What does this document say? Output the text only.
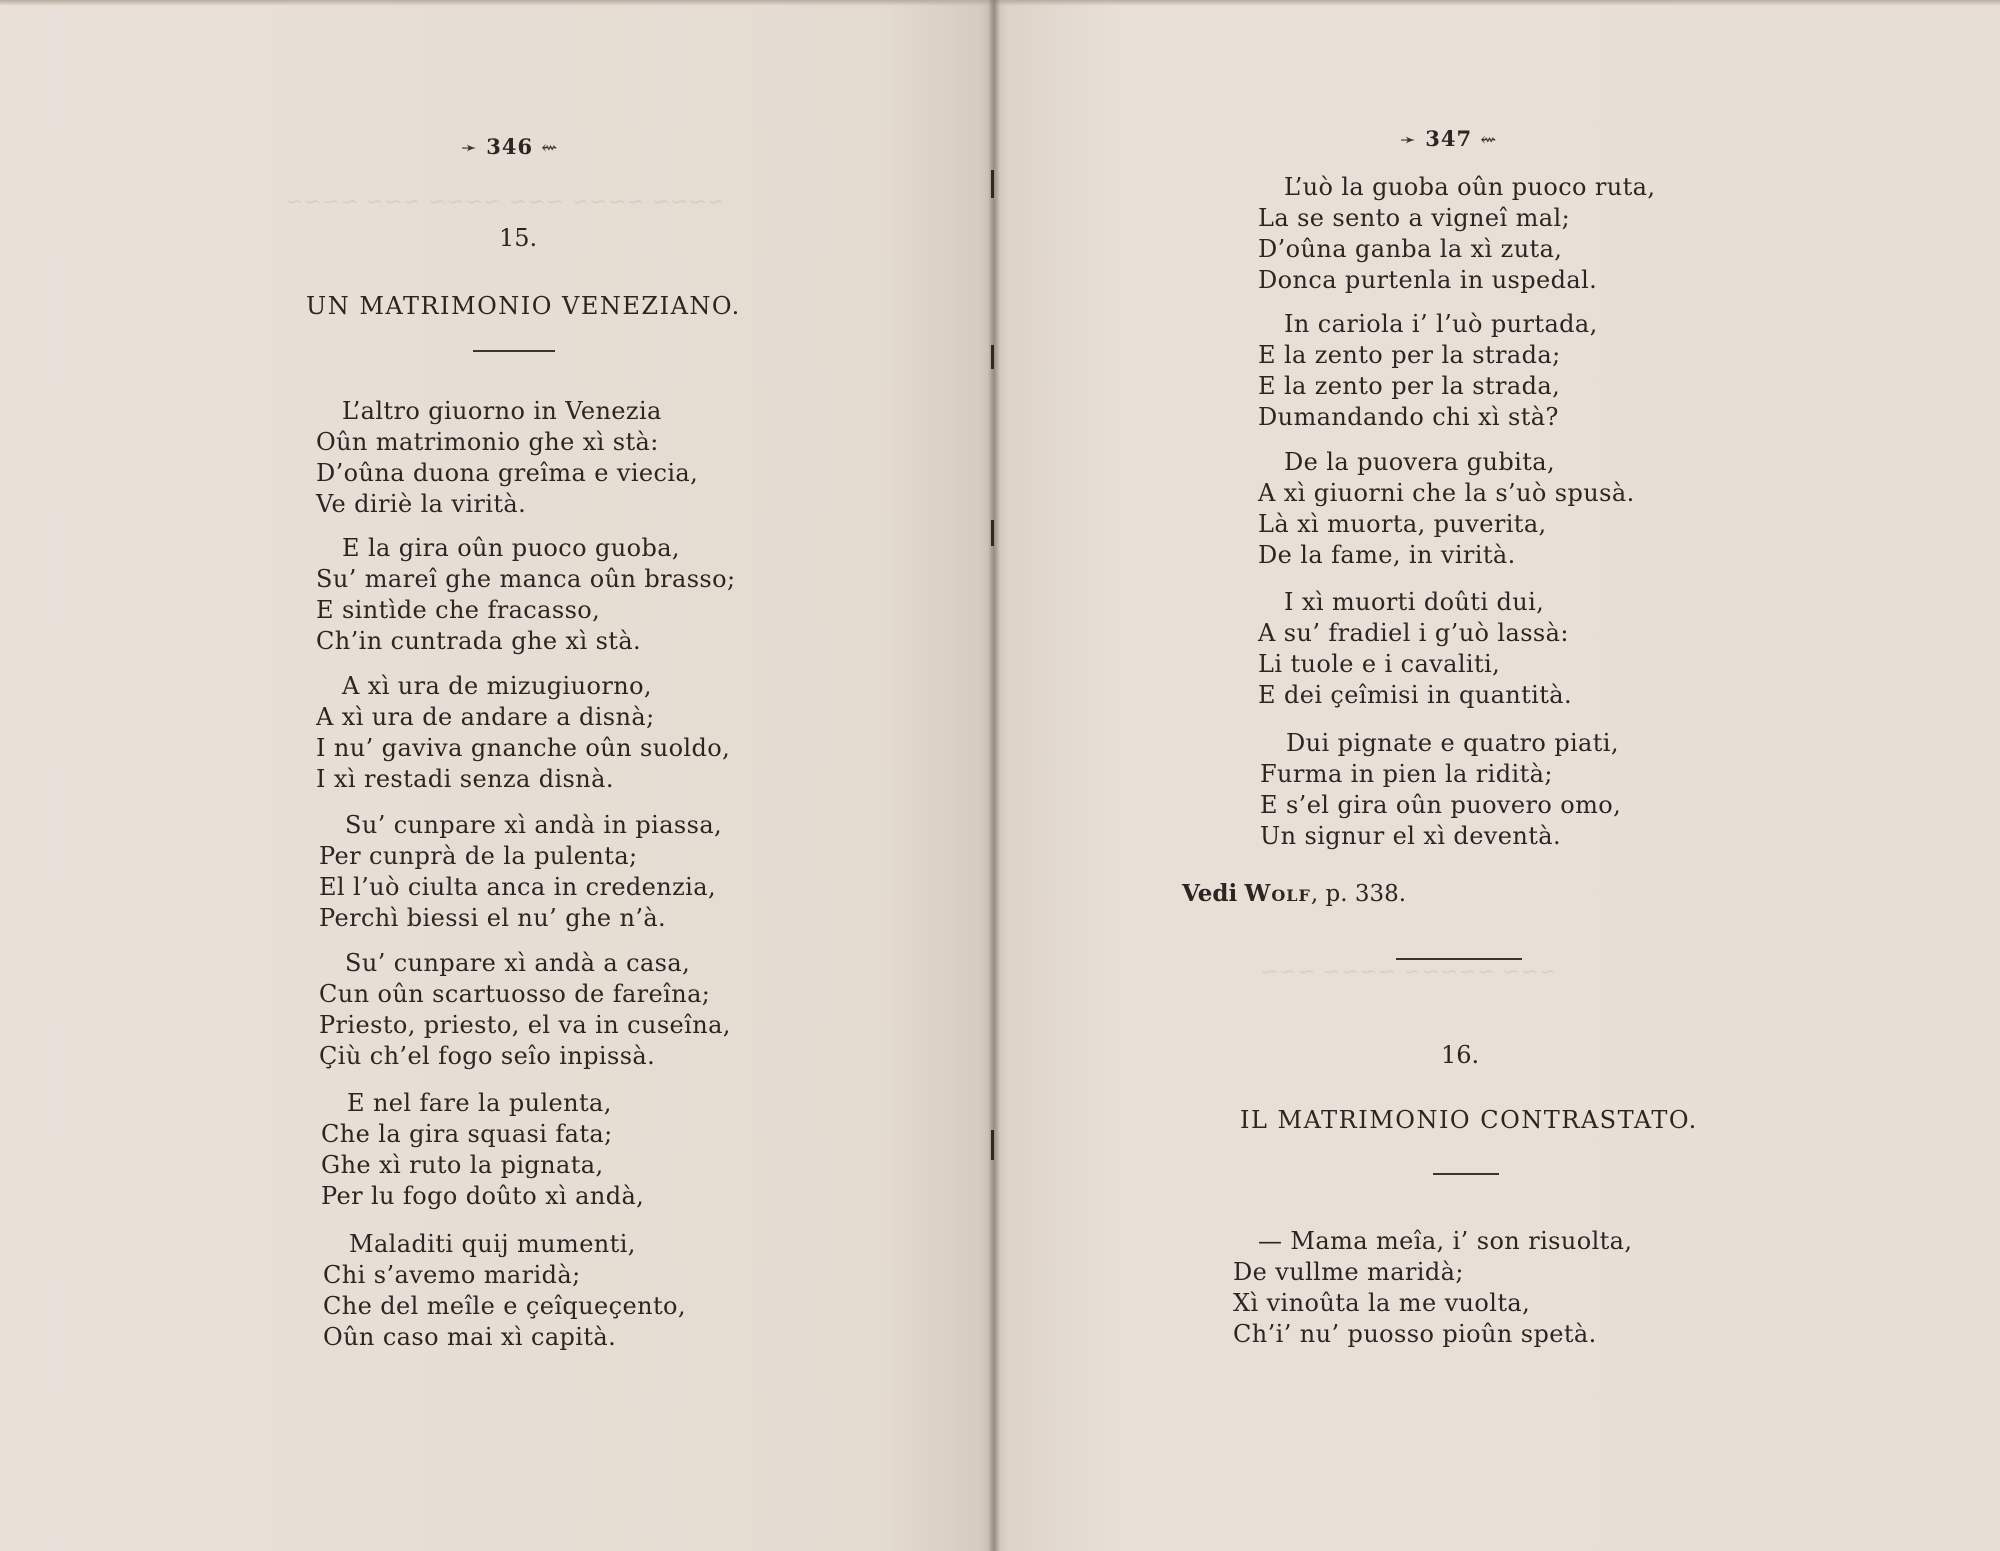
~~~~ ~~~~ ~~~ ~~~~ ~~~ ~~~~
~~~ ~~~~~ ~~~~ ~~~
➛ 346 ⇜
15.
UN MATRIMONIO VENEZIANO.
L’altro giuorno in Venezia
Oûn matrimonio ghe xì stà:
D’oûna duona greîma e viecia,
Ve diriè la virità.
E la gira oûn puoco guoba,
Su’ mareî ghe manca oûn brasso;
E sintìde che fracasso,
Ch’in cuntrada ghe xì stà.
A xì ura de mizugiuorno,
A xì ura de andare a disnà;
I nu’ gaviva gnanche oûn suoldo,
I xì restadi senza disnà.
Su’ cunpare xì andà in piassa,
Per cunprà de la pulenta;
El l’uò ciulta anca in credenzia,
Perchì biessi el nu’ ghe n’à.
Su’ cunpare xì andà a casa,
Cun oûn scartuosso de fareîna;
Priesto, priesto, el va in cuseîna,
Çiù ch’el fogo seîo inpissà.
E nel fare la pulenta,
Che la gira squasi fata;
Ghe xì ruto la pignata,
Per lu fogo doûto xì andà,
Maladiti quij mumenti,
Chi s’avemo maridà;
Che del meîle e çeîqueçento,
Oûn caso mai xì capità.
➛ 347 ⇜
L’uò la guoba oûn puoco ruta,
La se sento a vigneî mal;
D’oûna ganba la xì zuta,
Donca purtenla in uspedal.
In cariola i’ l’uò purtada,
E la zento per la strada;
E la zento per la strada,
Dumandando chi xì stà?
De la puovera gubita,
A xì giuorni che la s’uò spusà.
Là xì muorta, puverita,
De la fame, in virità.
I xì muorti doûti dui,
A su’ fradiel i g’uò lassà:
Li tuole e i cavaliti,
E dei çeîmisi in quantità.
Dui pignate e quatro piati,
Furma in pien la ridità;
E s’el gira oûn puovero omo,
Un signur el xì deventà.
Vedi Wolf, p. 338.
16.
IL MATRIMONIO CONTRASTATO.
— Mama meîa, i’ son risuolta,
De vullme maridà;
Xì vinoûta la me vuolta,
Ch’i’ nu’ puosso pioûn spetà.
